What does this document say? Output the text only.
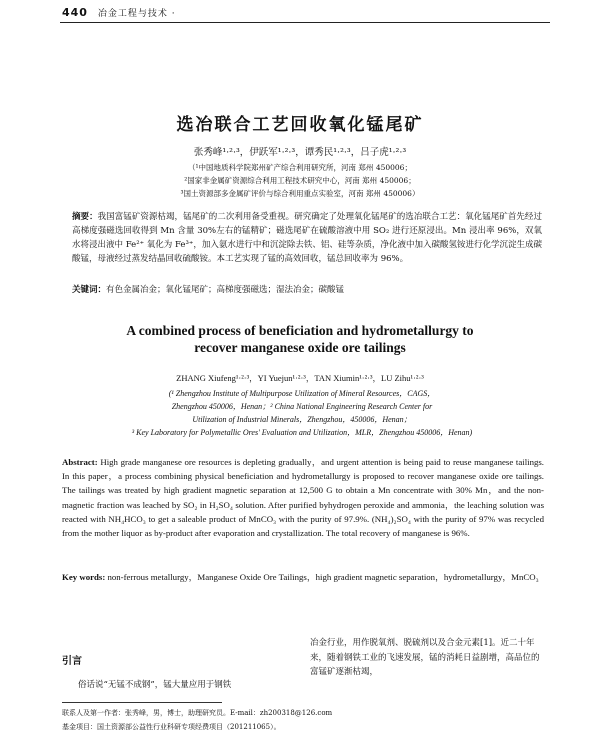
440 冶金工程与技术 ·
选冶联合工艺回收氧化锰尾矿
张秀峰¹·²·³，伊跃军¹·²·³，谭秀民¹·²·³，吕子虎¹·²·³
（¹中国地质科学院郑州矿产综合利用研究所，河南 郑州 450006；
²国家非金属矿资源综合利用工程技术研究中心，河南 郑州 450006；
³国土资源部多金属矿评价与综合利用重点实验室，河南 郑州 450006）
摘要：我国富锰矿资源枯竭，锰尾矿的二次利用备受重视。研究确定了处理氧化锰尾矿的选冶联合工艺：氧化锰尾矿首先经过高梯度强磁选回收得到 Mn 含量 30%左右的锰精矿；磁选尾矿在硫酸溶液中用 SO₂ 进行还原浸出。Mn 浸出率 96%，双氧水将浸出液中 Fe²⁺ 氧化为 Fe³⁺，加入氨水进行中和沉淀除去铁、铝、硅等杂质，净化液中加入碳酸氢铵进行化学沉淀生成碳酸锰，母液经过蒸发结晶回收硫酸铵。本工艺实现了锰的高效回收，锰总回收率为 96%。
关键词：有色金属冶金；氧化锰尾矿；高梯度强磁选；湿法冶金；碳酸锰
A combined process of beneficiation and hydrometallurgy to
recover manganese oxide ore tailings
ZHANG Xiufeng¹·²·³，YI Yuejun¹·²·³，TAN Xiumin¹·²·³，LU Zihu¹·²·³
(¹ Zhengzhou Institute of Multipurpose Utilization of Mineral Resources，CAGS，
Zhengzhou 450006，Henan；² China National Engineering Research Center for
Utilization of Industrial Minerals，Zhengzhou，450006，Henan；
³ Key Laboratory for Polymetallic Ores' Evaluation and Utilization，MLR，Zhengzhou 450006，Henan)
Abstract: High grade manganese ore resources is depleting gradually，and urgent attention is being paid to reuse manganese tailings. In this paper，a process combining physical beneficiation and hydrometallurgy is proposed to recover manganese oxide ore tailings. The tailings was treated by high gradient magnetic separation at 12,500 G to obtain a Mn concentrate with 30% Mn，and the non-magnetic fraction was leached by SO₂ in H₂SO₄ solution. After purified byhydrogen peroxide and ammonia，the leaching solution was reacted with NH₄HCO₃ to get a saleable product of MnCO₃ with the purity of 97.9%. (NH₄)₂SO₄ with the purity of 97% was recycled from the mother liquor as by-product after evaporation and crystallization. The total recovery of manganese is 96%.
Key words: non-ferrous metallurgy，Manganese Oxide Ore Tailings，high gradient magnetic separation，hydrometallurgy，MnCO₃
引言
俗话说“无锰不成钢”，锰大量应用于钢铁
冶金行业，用作脱氧剂、脱硫剂以及合金元素[1]。近二十年来，随着钢铁工业的飞速发展，锰的消耗日益剧增，高品位的富锰矿逐渐枯竭，
联系人及第一作者：张秀峰，男，博士，助理研究员。E-mail：zh200318@126.com
基金项目：国土资源部公益性行业科研专项经费项目（201211065）。
